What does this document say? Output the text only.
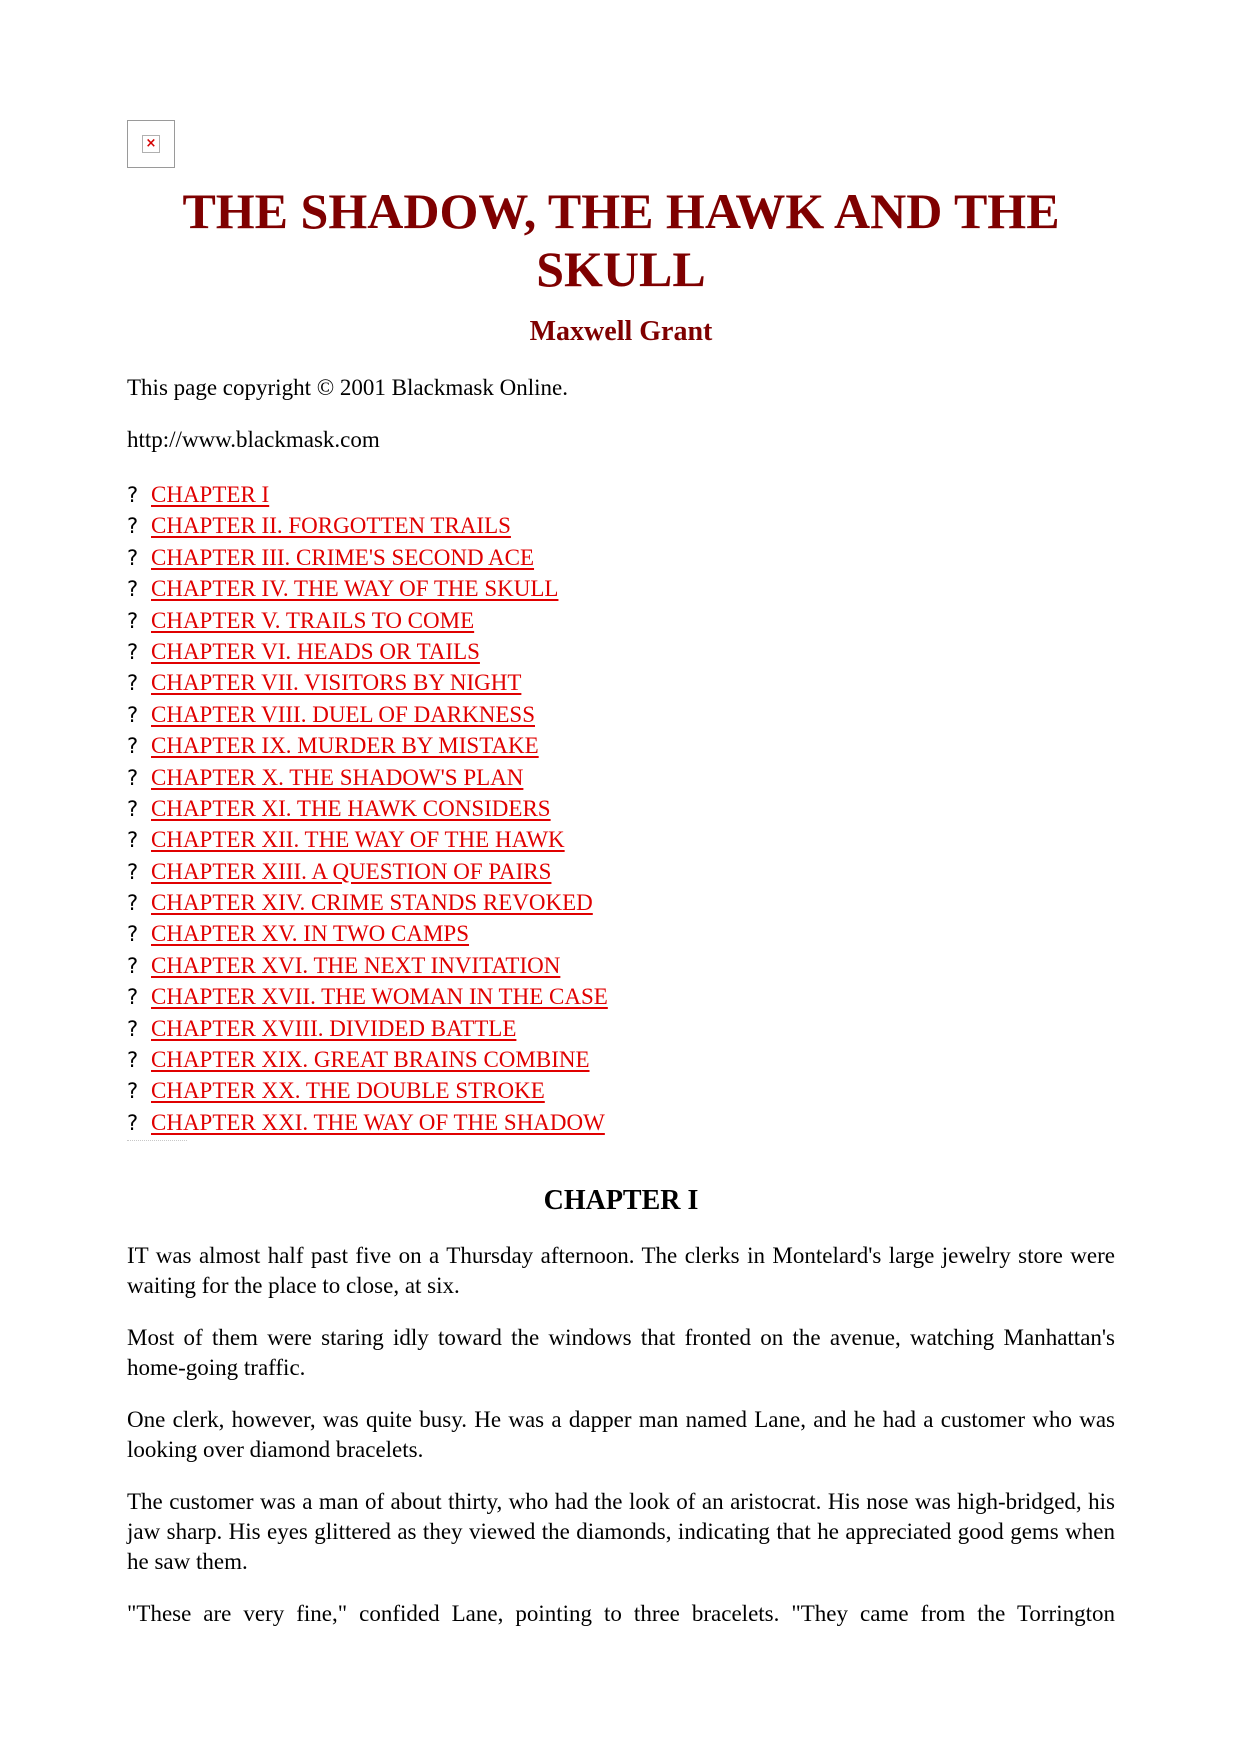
×
THE SHADOW, THE HAWK AND THE SKULL
Maxwell Grant
This page copyright © 2001 Blackmask Online.
http://www.blackmask.com
? CHAPTER I
? CHAPTER II. FORGOTTEN TRAILS
? CHAPTER III. CRIME'S SECOND ACE
? CHAPTER IV. THE WAY OF THE SKULL
? CHAPTER V. TRAILS TO COME
? CHAPTER VI. HEADS OR TAILS
? CHAPTER VII. VISITORS BY NIGHT
? CHAPTER VIII. DUEL OF DARKNESS
? CHAPTER IX. MURDER BY MISTAKE
? CHAPTER X. THE SHADOW'S PLAN
? CHAPTER XI. THE HAWK CONSIDERS
? CHAPTER XII. THE WAY OF THE HAWK
? CHAPTER XIII. A QUESTION OF PAIRS
? CHAPTER XIV. CRIME STANDS REVOKED
? CHAPTER XV. IN TWO CAMPS
? CHAPTER XVI. THE NEXT INVITATION
? CHAPTER XVII. THE WOMAN IN THE CASE
? CHAPTER XVIII. DIVIDED BATTLE
? CHAPTER XIX. GREAT BRAINS COMBINE
? CHAPTER XX. THE DOUBLE STROKE
? CHAPTER XXI. THE WAY OF THE SHADOW
CHAPTER I

IT was almost half past five on a Thursday afternoon. The clerks in Montelard's large jewelry store were waiting for the place to close, at six.

Most of them were staring idly toward the windows that fronted on the avenue, watching Manhattan's home-going traffic.

One clerk, however, was quite busy. He was a dapper man named Lane, and he had a customer who was looking over diamond bracelets.

The customer was a man of about thirty, who had the look of an aristocrat. His nose was high-bridged, his jaw sharp. His eyes glittered as they viewed the diamonds, indicating that he appreciated good gems when he saw them.

"These are very fine," confided Lane, pointing to three bracelets. "They came from the Torrington
